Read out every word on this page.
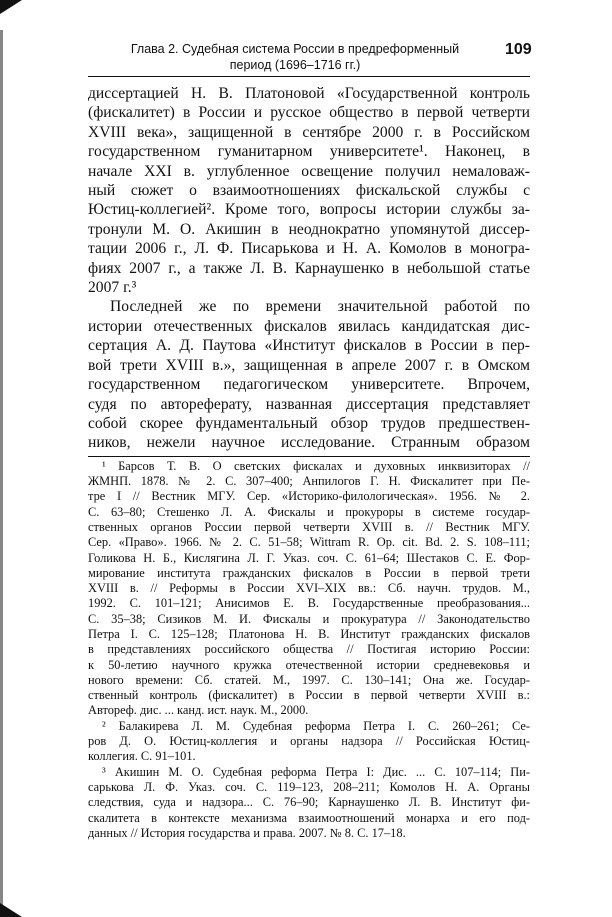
Глава 2. Судебная система России в предреформенный
период (1696–1716 гг.)
109
диссертацией Н. В. Платоновой «Государственной контроль
(фискалитет) в России и русское общество в первой четверти
XVIII века», защищенной в сентябре 2000 г. в Российском
государственном гуманитарном университете¹. Наконец, в
начале XXI в. углубленное освещение получил немаловаж-
ный сюжет о взаимоотношениях фискальской службы с
Юстиц-коллегией². Кроме того, вопросы истории службы за-
тронули М. О. Акишин в неоднократно упомянутой диссер-
тации 2006 г., Л. Ф. Писарькова и Н. А. Комолов в моногра-
фиях 2007 г., а также Л. В. Карнаушенко в небольшой статье
2007 г.³
Последней же по времени значительной работой по
истории отечественных фискалов явилась кандидатская дис-
сертация А. Д. Паутова «Институт фискалов в России в пер-
вой трети XVIII в.», защищенная в апреле 2007 г. в Омском
государственном педагогическом университете. Впрочем,
судя по автореферату, названная диссертация представляет
собой скорее фундаментальный обзор трудов предшествен-
ников, нежели научное исследование. Странным образом
¹ Барсов Т. В. О светских фискалах и духовных инквизиторах //
ЖМНП. 1878. № 2. С. 307–400; Анпилогов Г. Н. Фискалитет при Пе-
тре I // Вестник МГУ. Сер. «Историко-филологическая». 1956. № 2.
С. 63–80; Стешенко Л. А. Фискалы и прокуроры в системе государ-
ственных органов России первой четверти XVIII в. // Вестник МГУ.
Сер. «Право». 1966. № 2. С. 51–58; Wittram R. Op. cit. Bd. 2. S. 108–111;
Голикова Н. Б., Кислягина Л. Г. Указ. соч. С. 61–64; Шестаков С. Е. Фор-
мирование института гражданских фискалов в России в первой трети
XVIII в. // Реформы в России XVI–XIX вв.: Сб. научн. трудов. М.,
1992. С. 101–121; Анисимов Е. В. Государственные преобразования...
С. 35–38; Сизиков М. И. Фискалы и прокуратура // Законодательство
Петра I. С. 125–128; Платонова Н. В. Институт гражданских фискалов
в представлениях российского общества // Постигая историю России:
к 50-летию научного кружка отечественной истории средневековья и
нового времени: Сб. статей. М., 1997. С. 130–141; Она же. Государ-
ственный контроль (фискалитет) в России в первой четверти XVIII в.:
Автореф. дис. ... канд. ист. наук. М., 2000.
² Балакирева Л. М. Судебная реформа Петра I. С. 260–261; Се-
ров Д. О. Юстиц-коллегия и органы надзора // Российская Юстиц-
коллегия. С. 91–101.
³ Акишин М. О. Судебная реформа Петра I: Дис. ... С. 107–114; Пи-
сарькова Л. Ф. Указ. соч. С. 119–123, 208–211; Комолов Н. А. Органы
следствия, суда и надзора... С. 76–90; Карнаушенко Л. В. Институт фи-
скалитета в контексте механизма взаимоотношений монарха и его под-
данных // История государства и права. 2007. № 8. С. 17–18.
